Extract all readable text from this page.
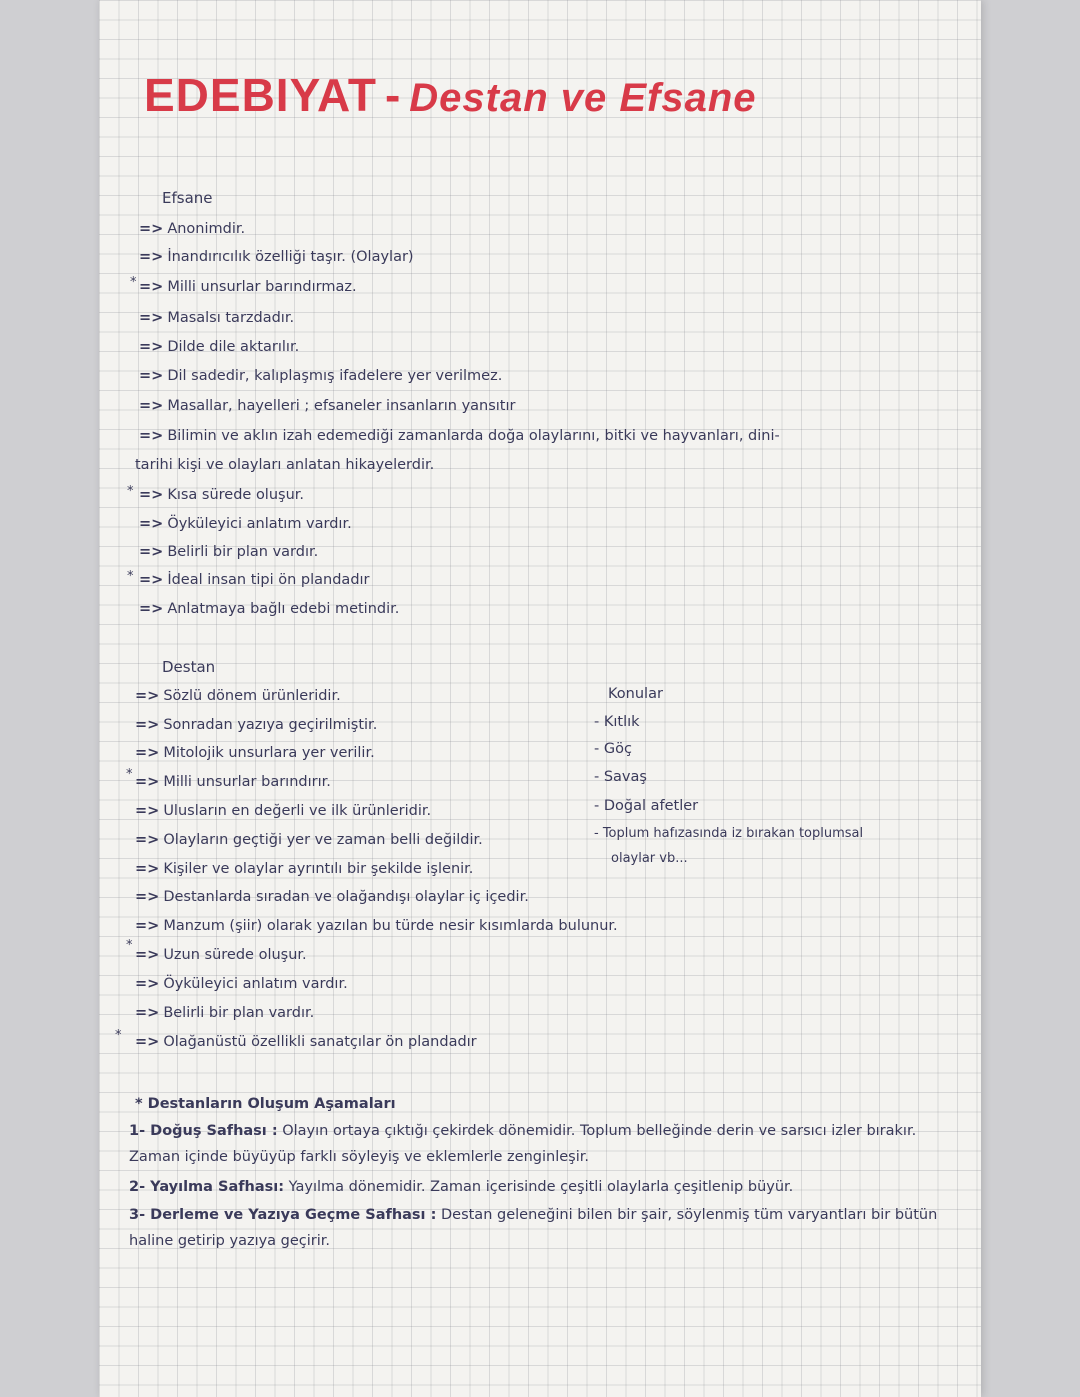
EDEBIYAT - Destan ve Efsane
Efsane
=> Anonimdir.
=> İnandırıcılık özelliği taşır. (Olaylar)
* => Milli unsurlar barındırmaz.
=> Masalsı tarzdadır.
=> Dilde dile aktarılır.
=> Dil sadedir, kalıplaşmış ifadelere yer verilmez.
=> Masallar, hayelleri ; efsaneler insanların yansıtır
=> Bilimin ve aklın izah edemediği zamanlarda doğa olaylarını, bitki ve hayvanları, dini-
tarihi kişi ve olayları anlatan hikayelerdir.
* => Kısa sürede oluşur.
=> Öyküleyici anlatım vardır.
=> Belirli bir plan vardır.
* => İdeal insan tipi ön plandadır
=> Anlatmaya bağlı edebi metindir.
Destan
=> Sözlü dönem ürünleridir.
=> Sonradan yazıya geçirilmiştir.
=> Mitolojik unsurlara yer verilir.
* => Milli unsurlar barındırır.
=> Ulusların en değerli ve ilk ürünleridir.
=> Olayların geçtiği yer ve zaman belli değildir.
=> Kişiler ve olaylar ayrıntılı bir şekilde işlenir.
=> Destanlarda sıradan ve olağandışı olaylar iç içedir.
=> Manzum (şiir) olarak yazılan bu türde nesir kısımlarda bulunur.
*
=> Uzun sürede oluşur.
=> Öyküleyici anlatım vardır.
=> Belirli bir plan vardır.
* => Olağanüstü özellikli sanatçılar ön plandadır
Konular
- Kıtlık
- Göç
- Savaş
- Doğal afetler
- Toplum hafızasında iz bırakan toplumsal
olaylar vb...
* Destanların Oluşum Aşamaları
1- Doğuş Safhası : Olayın ortaya çıktığı çekirdek dönemidir. Toplum belleğinde derin ve sarsıcı izler bırakır. Zaman içinde büyüyüp farklı söyleyiş ve eklemlerle zenginleşir.
2- Yayılma Safhası: Yayılma dönemidir. Zaman içerisinde çeşitli olaylarla çeşitlenip büyür.
3- Derleme ve Yazıya Geçme Safhası : Destan geleneğini bilen bir şair, söylenmiş tüm varyantları bir bütün haline getirip yazıya geçirir.
